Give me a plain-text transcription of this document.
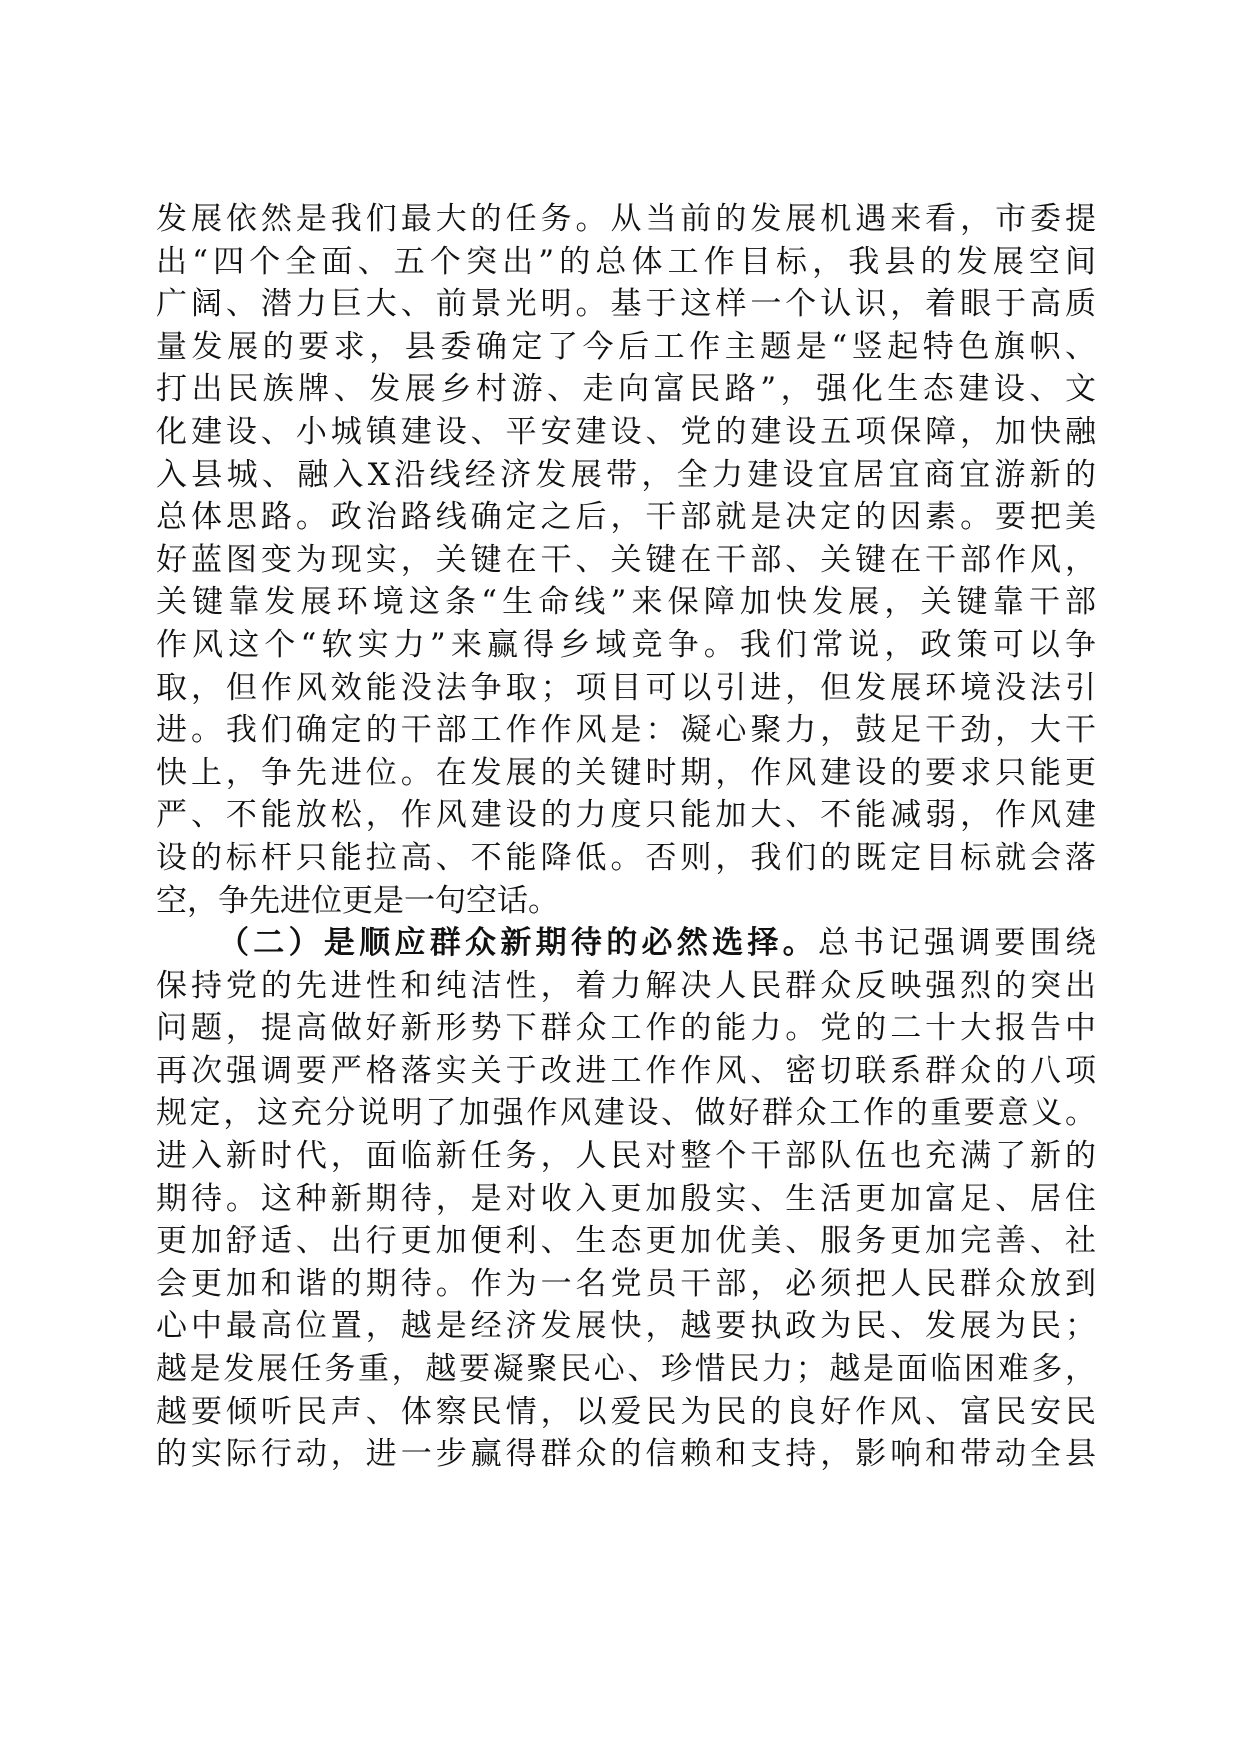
发展依然是我们最大的任务。从当前的发展机遇来看，市委提
出“四个全面、五个突出”的总体工作目标，我县的发展空间
广阔、潜力巨大、前景光明。基于这样一个认识，着眼于高质
量发展的要求，县委确定了今后工作主题是“竖起特色旗帜、
打出民族牌、发展乡村游、走向富民路”，强化生态建设、文
化建设、小城镇建设、平安建设、党的建设五项保障，加快融
入县城、融入X沿线经济发展带，全力建设宜居宜商宜游新的
总体思路。政治路线确定之后，干部就是决定的因素。要把美
好蓝图变为现实，关键在干、关键在干部、关键在干部作风，
关键靠发展环境这条“生命线”来保障加快发展，关键靠干部
作风这个“软实力”来赢得乡域竞争。我们常说，政策可以争
取，但作风效能没法争取；项目可以引进，但发展环境没法引
进。我们确定的干部工作作风是：凝心聚力，鼓足干劲，大干
快上，争先进位。在发展的关键时期，作风建设的要求只能更
严、不能放松，作风建设的力度只能加大、不能减弱，作风建
设的标杆只能拉高、不能降低。否则，我们的既定目标就会落
空，争先进位更是一句空话。
（二）是顺应群众新期待的必然选择。总书记强调要围绕
保持党的先进性和纯洁性，着力解决人民群众反映强烈的突出
问题，提高做好新形势下群众工作的能力。党的二十大报告中
再次强调要严格落实关于改进工作作风、密切联系群众的八项
规定，这充分说明了加强作风建设、做好群众工作的重要意义。
进入新时代，面临新任务，人民对整个干部队伍也充满了新的
期待。这种新期待，是对收入更加殷实、生活更加富足、居住
更加舒适、出行更加便利、生态更加优美、服务更加完善、社
会更加和谐的期待。作为一名党员干部，必须把人民群众放到
心中最高位置，越是经济发展快，越要执政为民、发展为民；
越是发展任务重，越要凝聚民心、珍惜民力；越是面临困难多，
越要倾听民声、体察民情，以爱民为民的良好作风、富民安民
的实际行动，进一步赢得群众的信赖和支持，影响和带动全县
